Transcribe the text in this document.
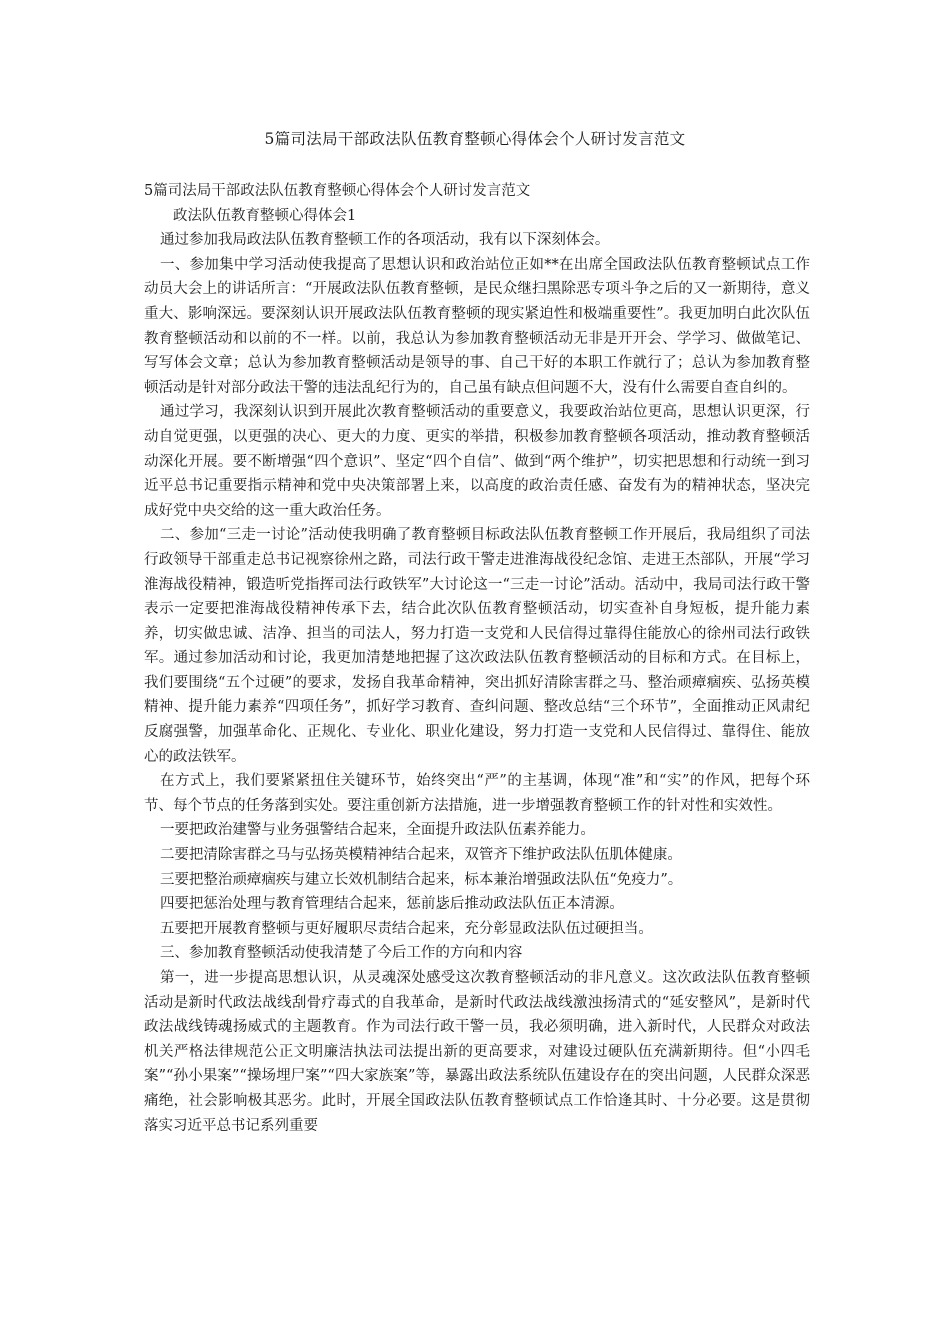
5篇司法局干部政法队伍教育整顿心得体会个人研讨发言范文

5篇司法局干部政法队伍教育整顿心得体会个人研讨发言范文

政法队伍教育整顿心得体会1

通过参加我局政法队伍教育整顿工作的各项活动，我有以下深刻体会。

一、参加集中学习活动使我提高了思想认识和政治站位正如**在出席全国政法队伍教育整顿试点工作动员大会上的讲话所言：“开展政法队伍教育整顿，是民众继扫黑除恶专项斗争之后的又一新期待，意义重大、影响深远。要深刻认识开展政法队伍教育整顿的现实紧迫性和极端重要性”。我更加明白此次队伍教育整顿活动和以前的不一样。以前，我总认为参加教育整顿活动无非是开开会、学学习、做做笔记、写写体会文章；总认为参加教育整顿活动是领导的事、自己干好的本职工作就行了；总认为参加教育整顿活动是针对部分政法干警的违法乱纪行为的，自己虽有缺点但问题不大，没有什么需要自查自纠的。

通过学习，我深刻认识到开展此次教育整顿活动的重要意义，我要政治站位更高，思想认识更深，行动自觉更强，以更强的决心、更大的力度、更实的举措，积极参加教育整顿各项活动，推动教育整顿活动深化开展。要不断增强“四个意识”、坚定“四个自信”、做到“两个维护”，切实把思想和行动统一到习近平总书记重要指示精神和党中央决策部署上来，以高度的政治责任感、奋发有为的精神状态，坚决完成好党中央交给的这一重大政治任务。

二、参加“三走一讨论”活动使我明确了教育整顿目标政法队伍教育整顿工作开展后，我局组织了司法行政领导干部重走总书记视察徐州之路，司法行政干警走进淮海战役纪念馆、走进王杰部队，开展“学习淮海战役精神，锻造听党指挥司法行政铁军”大讨论这一“三走一讨论”活动。活动中，我局司法行政干警表示一定要把淮海战役精神传承下去，结合此次队伍教育整顿活动，切实查补自身短板，提升能力素养，切实做忠诚、洁净、担当的司法人，努力打造一支党和人民信得过靠得住能放心的徐州司法行政铁军。通过参加活动和讨论，我更加清楚地把握了这次政法队伍教育整顿活动的目标和方式。在目标上，我们要围绕“五个过硬”的要求，发扬自我革命精神，突出抓好清除害群之马、整治顽瘴痼疾、弘扬英模精神、提升能力素养“四项任务”，抓好学习教育、查纠问题、整改总结“三个环节”，全面推动正风肃纪反腐强警，加强革命化、正规化、专业化、职业化建设，努力打造一支党和人民信得过、靠得住、能放心的政法铁军。

在方式上，我们要紧紧扭住关键环节，始终突出“严”的主基调，体现“准”和“实”的作风，把每个环节、每个节点的任务落到实处。要注重创新方法措施，进一步增强教育整顿工作的针对性和实效性。

一要把政治建警与业务强警结合起来，全面提升政法队伍素养能力。

二要把清除害群之马与弘扬英模精神结合起来，双管齐下维护政法队伍肌体健康。

三要把整治顽瘴痼疾与建立长效机制结合起来，标本兼治增强政法队伍“免疫力”。

四要把惩治处理与教育管理结合起来，惩前毖后推动政法队伍正本清源。

五要把开展教育整顿与更好履职尽责结合起来，充分彰显政法队伍过硬担当。

三、参加教育整顿活动使我清楚了今后工作的方向和内容

第一，进一步提高思想认识，从灵魂深处感受这次教育整顿活动的非凡意义。这次政法队伍教育整顿活动是新时代政法战线刮骨疗毒式的自我革命，是新时代政法战线激浊扬清式的“延安整风”，是新时代政法战线铸魂扬威式的主题教育。作为司法行政干警一员，我必须明确，进入新时代，人民群众对政法机关严格法律规范公正文明廉洁执法司法提出新的更高要求，对建设过硬队伍充满新期待。但“小四毛案”“孙小果案”“操场埋尸案”“四大家族案”等，暴露出政法系统队伍建设存在的突出问题，人民群众深恶痛绝，社会影响极其恶劣。此时，开展全国政法队伍教育整顿试点工作恰逢其时、十分必要。这是贯彻落实习近平总书记系列重要
